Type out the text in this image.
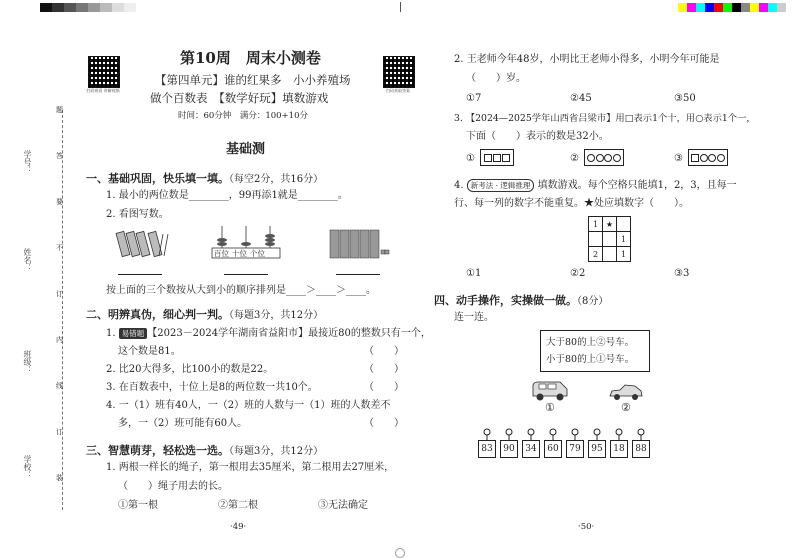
学号：
姓名：
班级：
学校：
题
答
要
不
订
内
线
订
装
扫码观看 讲解视频	扫码获取答案
第10周　周末小测卷
【第四单元】谁的红果多　小小养殖场
做个百数表　【数学好玩】填数游戏
时间：60分钟　满分：100+10分
基础测
一、基础巩固，快乐填一填。（每空2分，共16分）
1. 最小的两位数是________，99再添1就是________。
2. 看图写数。
百位 十位 个位
按上面的三个数按从大到小的顺序排列是____＞____＞____。
二、明辨真伪，细心判一判。（每题3分，共12分）
1. 易错题 【2023－2024学年湖南省益阳市】最接近80的整数只有一个，
这个数是81。	（　　）
2. 比20大得多，比100小的数是22。	（　　）
3. 在百数表中，十位上是8的两位数一共10个。	（　　）
4. 一（1）班有40人，一（2）班的人数与一（1）班的人数差不
多，一（2）班可能有60人。	（　　）
三、智慧萌芽，轻松选一选。（每题3分，共12分）
1. 两根一样长的绳子，第一根用去35厘米，第二根用去27厘米，
（　　）绳子用去的长。
①第一根	②第二根	③无法确定
·49·
2. 王老师今年48岁，小明比王老师小得多，小明今年可能是
（　　）岁。
①7	②45	③50
3. 【2024—2025学年山西省吕梁市】用□表示1个十，用○表示1个一，
下面（　　）表示的数是32小。
①	②	③
4. 新考法 · 逻辑推理 填数游戏。每个空格只能填1，2，3，且每一
行、每一列的数字不能重复。★处应填数字（　　）。
1	★	
		1
2		1
①1	②2	③3
四、动手操作，实操做一做。（8分）
连一连。
大于80的上②号车。
小于80的上①号车。
①	②
83	90	34	60	79	95	18	88
·50·
